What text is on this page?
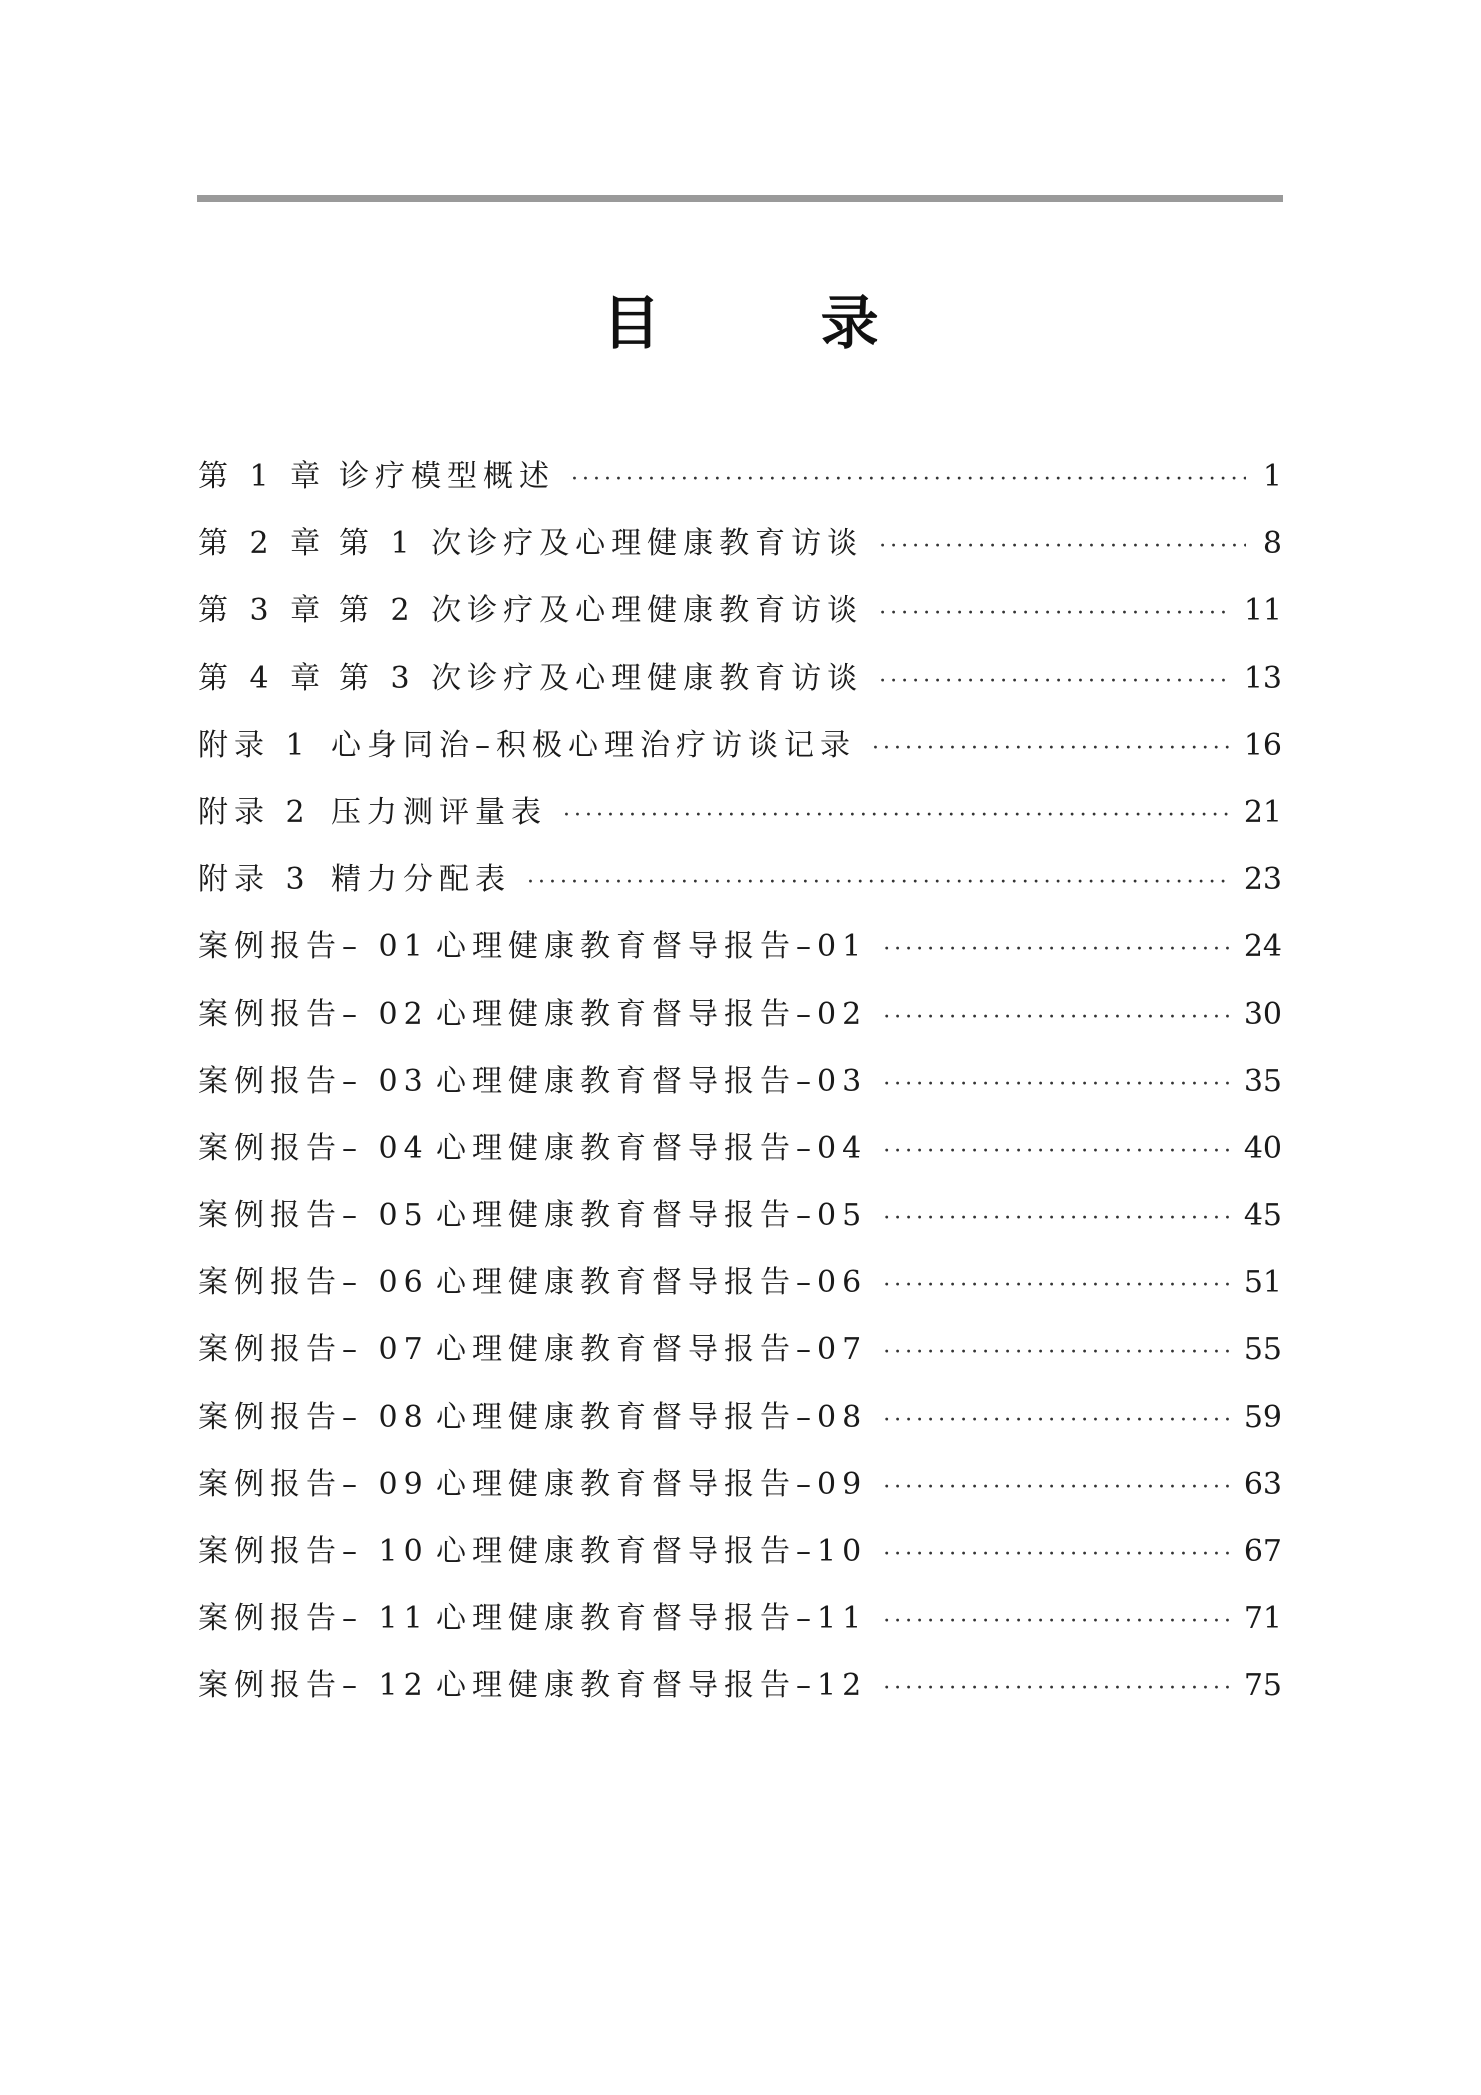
目 录
第 1 章 诊疗模型概述 ·····	1
第 2 章 第 1 次诊疗及心理健康教育访谈 ·····	8
第 3 章 第 2 次诊疗及心理健康教育访谈 ·····	11
第 4 章 第 3 次诊疗及心理健康教育访谈 ·····	13
附录 1 心身同治–积极心理治疗访谈记录 ·····	16
附录 2 压力测评量表 ·····	21
附录 3 精力分配表 ·····	23
案例报告– 01 心理健康教育督导报告–01 ·····	24
案例报告– 02 心理健康教育督导报告–02 ·····	30
案例报告– 03 心理健康教育督导报告–03 ·····	35
案例报告– 04 心理健康教育督导报告–04 ·····	40
案例报告– 05 心理健康教育督导报告–05 ·····	45
案例报告– 06 心理健康教育督导报告–06 ·····	51
案例报告– 07 心理健康教育督导报告–07 ·····	55
案例报告– 08 心理健康教育督导报告–08 ·····	59
案例报告– 09 心理健康教育督导报告–09 ·····	63
案例报告– 10 心理健康教育督导报告–10 ·····	67
案例报告– 11 心理健康教育督导报告–11 ·····	71
案例报告– 12 心理健康教育督导报告–12 ·····	75
